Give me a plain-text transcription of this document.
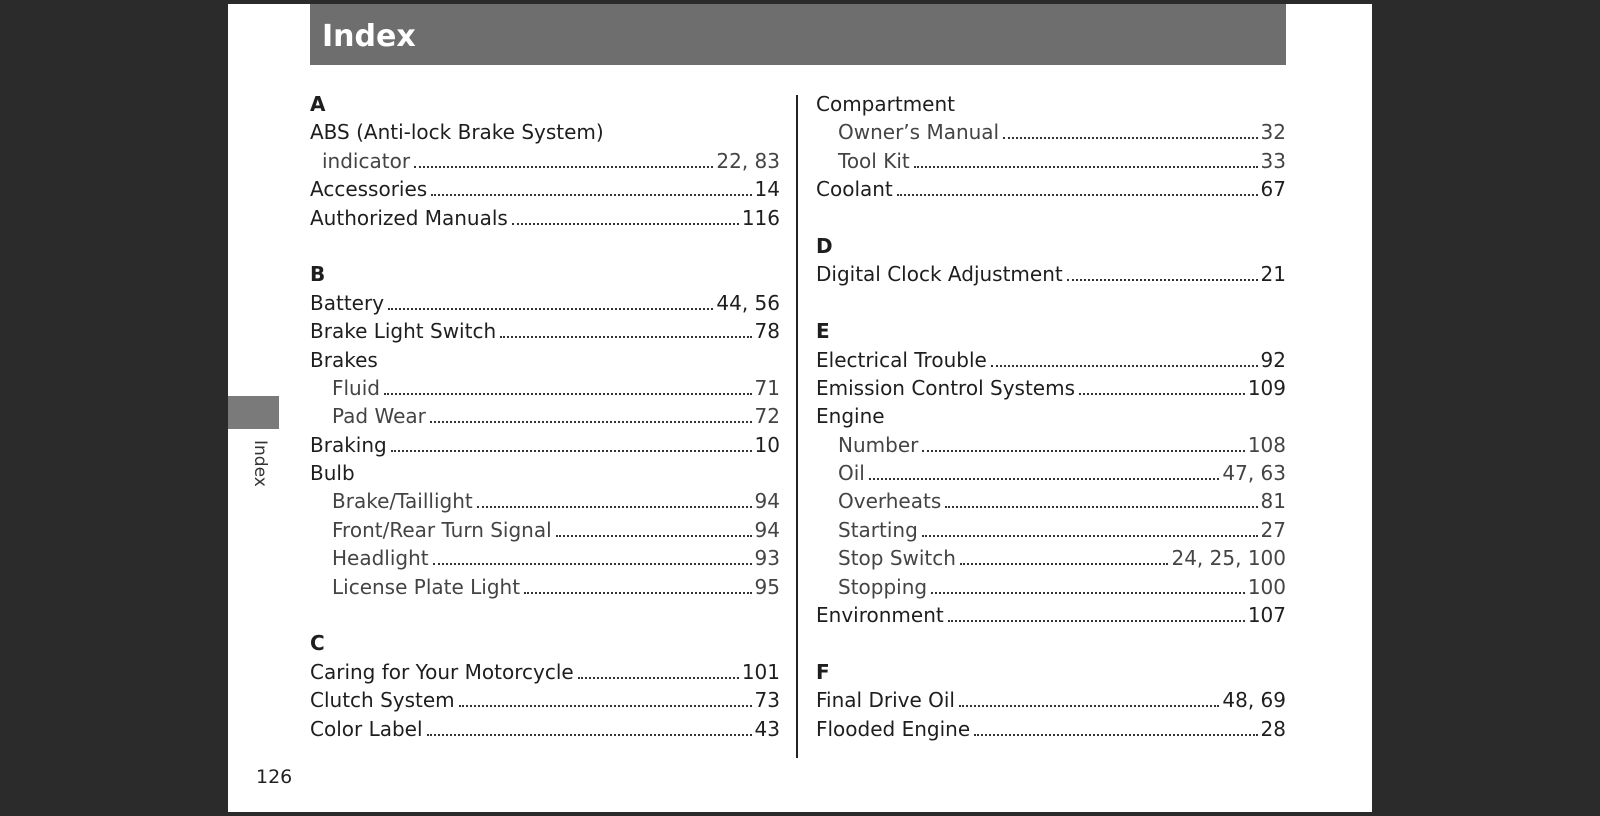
Index
Index
A
ABS (Anti-lock Brake System)
indicator	22, 83
Accessories	14
Authorized Manuals	116
B
Battery	44, 56
Brake Light Switch	78
Brakes
Fluid	71
Pad Wear	72
Braking	10
Bulb
Brake/Taillight	94
Front/Rear Turn Signal	94
Headlight	93
License Plate Light	95
C
Caring for Your Motorcycle	101
Clutch System	73
Color Label	43
Compartment
Owner’s Manual	32
Tool Kit	33
Coolant	67
D
Digital Clock Adjustment	21
E
Electrical Trouble	92
Emission Control Systems	109
Engine
Number	108
Oil	47, 63
Overheats	81
Starting	27
Stop Switch	24, 25, 100
Stopping	100
Environment	107
F
Final Drive Oil	48, 69
Flooded Engine	28
126
